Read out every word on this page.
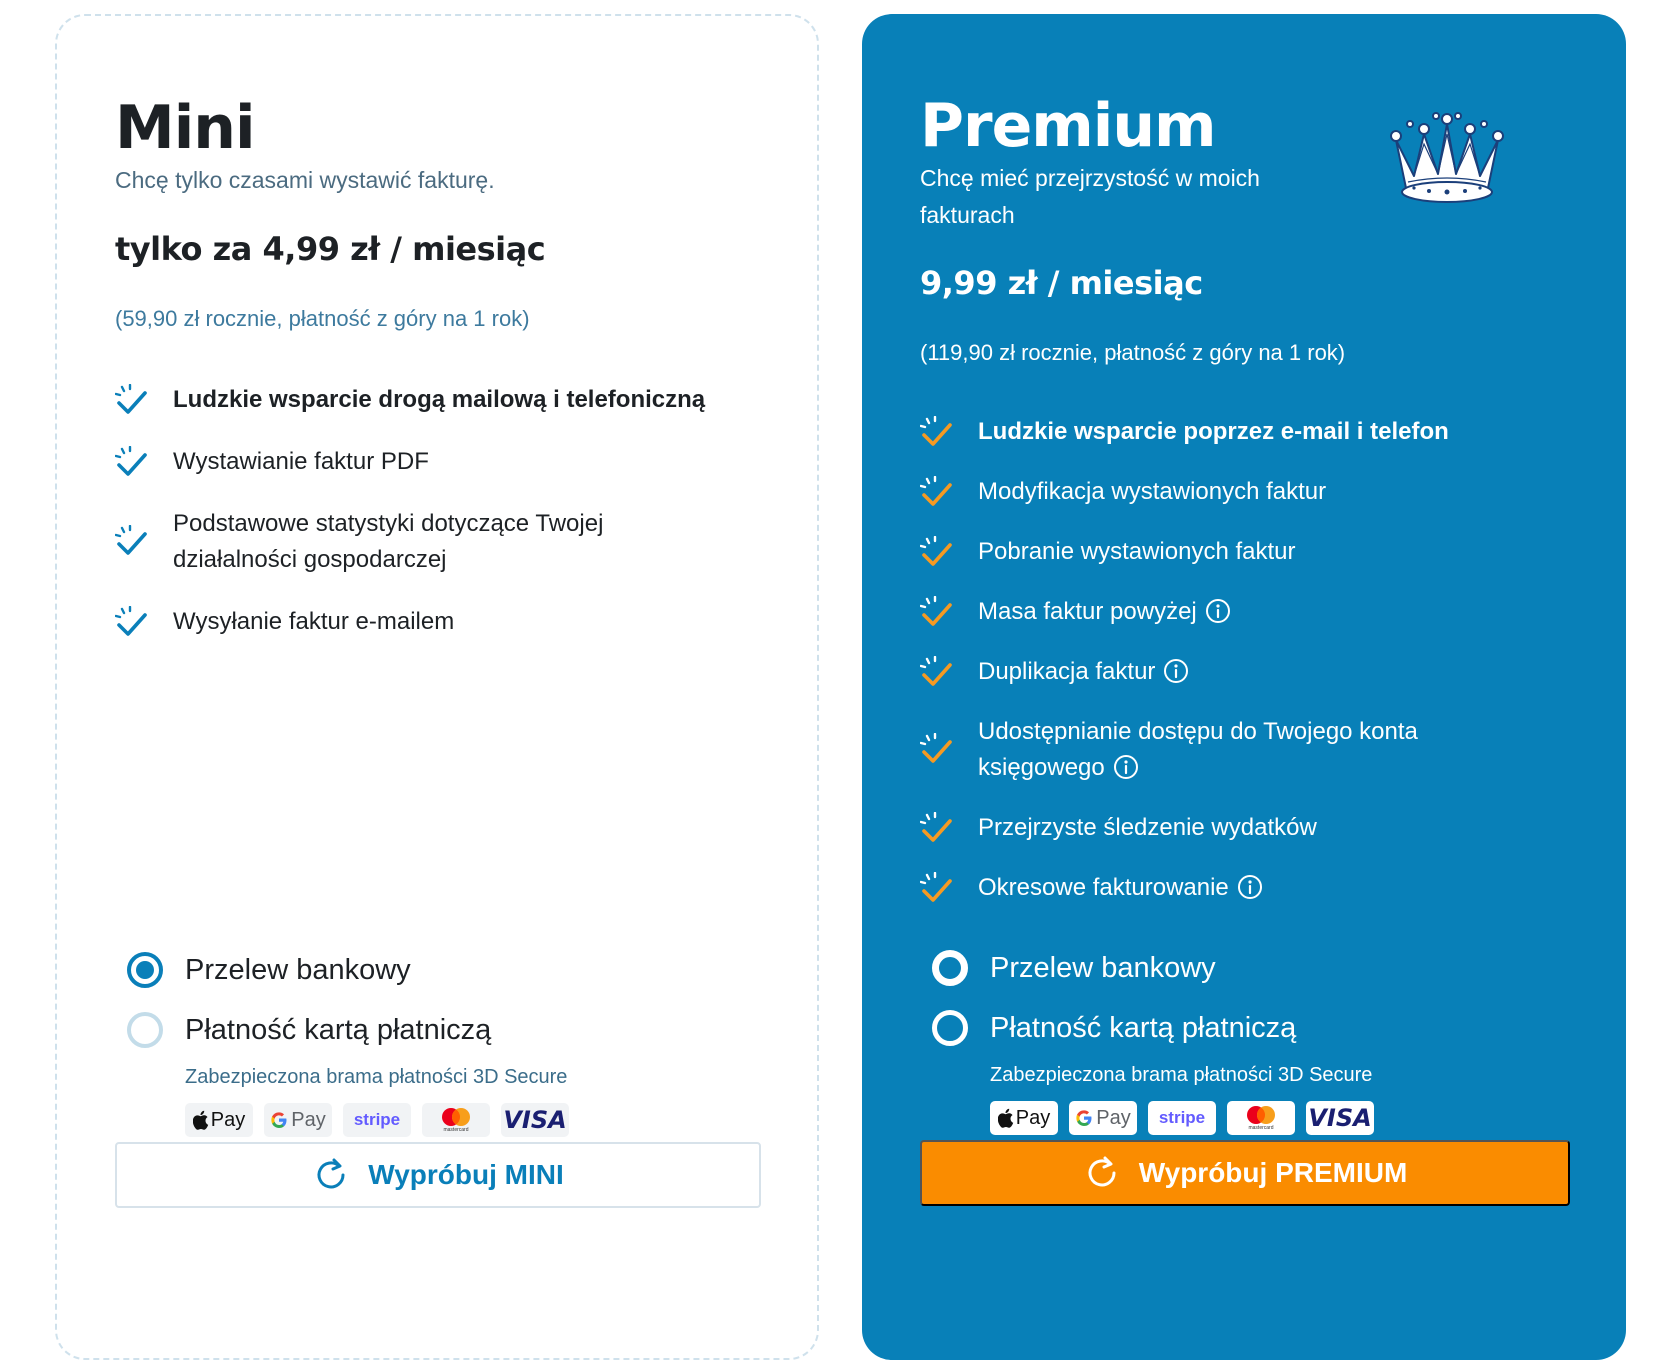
Mini
Chcę tylko czasami wystawić fakturę.
tylko za 4,99 zł / miesiąc
(59,90 zł rocznie, płatność z góry na 1 rok)
Ludzkie wsparcie drogą mailową i telefoniczną
Wystawianie faktur PDF
Podstawowe statystyki dotyczące Twojej działalności gospodarczej
Wysyłanie faktur e-mailem
Przelew bankowy
Płatność kartą płatniczą
Zabezpieczona brama płatności 3D Secure
Pay Pay stripe
mastercard VISA
Wypróbuj MINI
Premium
Chcę mieć przejrzystość w moich fakturach
9,99 zł / miesiąc
(119,90 zł rocznie, płatność z góry na 1 rok)
Ludzkie wsparcie poprzez e-mail i telefon
Modyfikacja wystawionych faktur
Pobranie wystawionych faktur
Masa faktur powyżej
Duplikacja faktur
Udostępnianie dostępu do Twojego konta księgowego
Przejrzyste śledzenie wydatków
Okresowe fakturowanie
Przelew bankowy
Płatność kartą płatniczą
Zabezpieczona brama płatności 3D Secure
Pay Pay stripe
mastercard VISA
Wypróbuj PREMIUM
